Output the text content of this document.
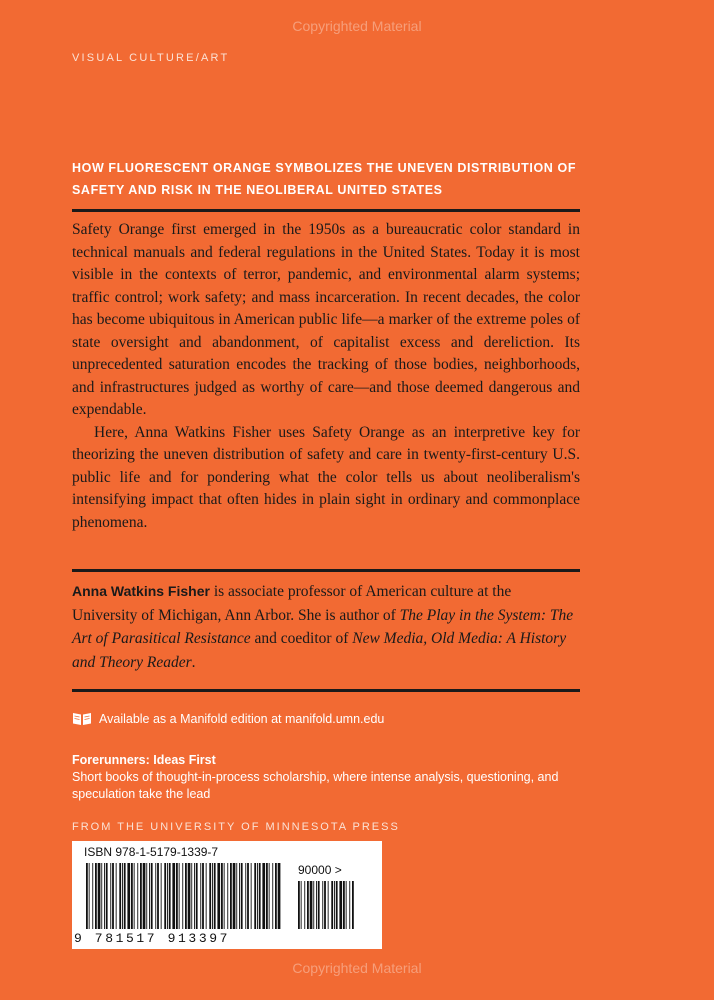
Copyrighted Material
VISUAL CULTURE/ART
HOW FLUORESCENT ORANGE SYMBOLIZES THE UNEVEN DISTRIBUTION OF SAFETY AND RISK IN THE NEOLIBERAL UNITED STATES

Safety Orange first emerged in the 1950s as a bureaucratic color standard in technical manuals and federal regulations in the United States. Today it is most visible in the contexts of terror, pandemic, and environmental alarm systems; traffic control; work safety; and mass incarceration. In recent decades, the color has become ubiquitous in American public life—a marker of the extreme poles of state oversight and abandonment, of capitalist excess and dereliction. Its unprecedented saturation encodes the tracking of those bodies, neighborhoods, and infrastructures judged as worthy of care—and those deemed dangerous and expendable.

Here, Anna Watkins Fisher uses Safety Orange as an interpretive key for theorizing the uneven distribution of safety and care in twenty-first-century U.S. public life and for pondering what the color tells us about neoliberalism's intensifying impact that often hides in plain sight in ordinary and commonplace phenomena.

Anna Watkins Fisher is associate professor of American culture at the University of Michigan, Ann Arbor. She is author of The Play in the System: The Art of Parasitical Resistance and coeditor of New Media, Old Media: A History and Theory Reader.

Available as a Manifold edition at manifold.umn.edu
Forerunners: Ideas First
Short books of thought-in-process scholarship, where intense analysis, questioning, and speculation take the lead
FROM THE UNIVERSITY OF MINNESOTA PRESS
ISBN 978-1-5179-1339-7
90000 >
9 781517 913397
Copyrighted Material
